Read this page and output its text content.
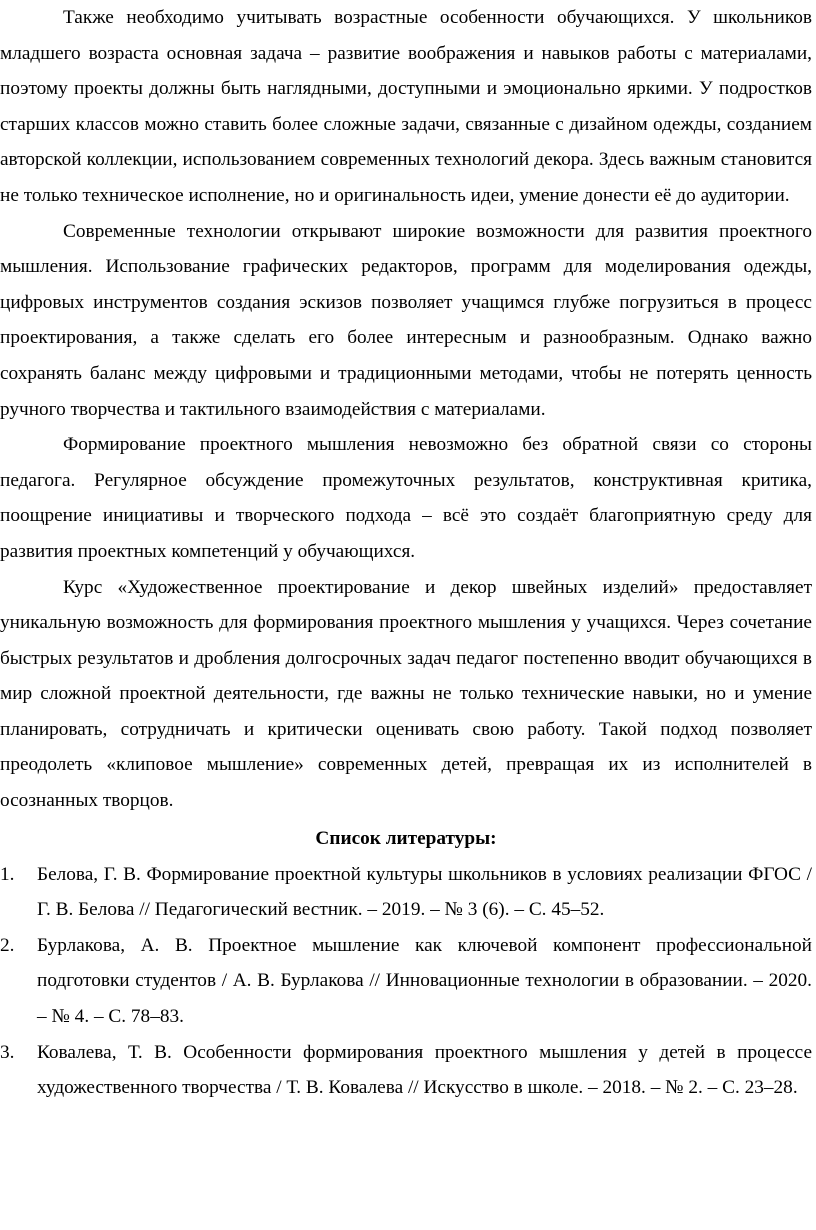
Также необходимо учитывать возрастные особенности обучающихся. У школьников младшего возраста основная задача – развитие воображения и навыков работы с материалами, поэтому проекты должны быть наглядными, доступными и эмоционально яркими. У подростков старших классов можно ставить более сложные задачи, связанные с дизайном одежды, созданием авторской коллекции, использованием современных технологий декора. Здесь важным становится не только техническое исполнение, но и оригинальность идеи, умение донести её до аудитории.

Современные технологии открывают широкие возможности для развития проектного мышления. Использование графических редакторов, программ для моделирования одежды, цифровых инструментов создания эскизов позволяет учащимся глубже погрузиться в процесс проектирования, а также сделать его более интересным и разнообразным. Однако важно сохранять баланс между цифровыми и традиционными методами, чтобы не потерять ценность ручного творчества и тактильного взаимодействия с материалами.

Формирование проектного мышления невозможно без обратной связи со стороны педагога. Регулярное обсуждение промежуточных результатов, конструктивная критика, поощрение инициативы и творческого подхода – всё это создаёт благоприятную среду для развития проектных компетенций у обучающихся.

Курс «Художественное проектирование и декор швейных изделий» предоставляет уникальную возможность для формирования проектного мышления у учащихся. Через сочетание быстрых результатов и дробления долгосрочных задач педагог постепенно вводит обучающихся в мир сложной проектной деятельности, где важны не только технические навыки, но и умение планировать, сотрудничать и критически оценивать свою работу. Такой подход позволяет преодолеть «клиповое мышление» современных детей, превращая их из исполнителей в осознанных творцов.

Список литературы:
1. Белова, Г. В. Формирование проектной культуры школьников в условиях реализации ФГОС / Г. В. Белова // Педагогический вестник. – 2019. – № 3 (6). – С. 45–52.
2. Бурлакова, А. В. Проектное мышление как ключевой компонент профессиональной подготовки студентов / А. В. Бурлакова // Инновационные технологии в образовании. – 2020. – № 4. – С. 78–83.
3. Ковалева, Т. В. Особенности формирования проектного мышления у детей в процессе художественного творчества / Т. В. Ковалева // Искусство в школе. – 2018. – № 2. – С. 23–28.
